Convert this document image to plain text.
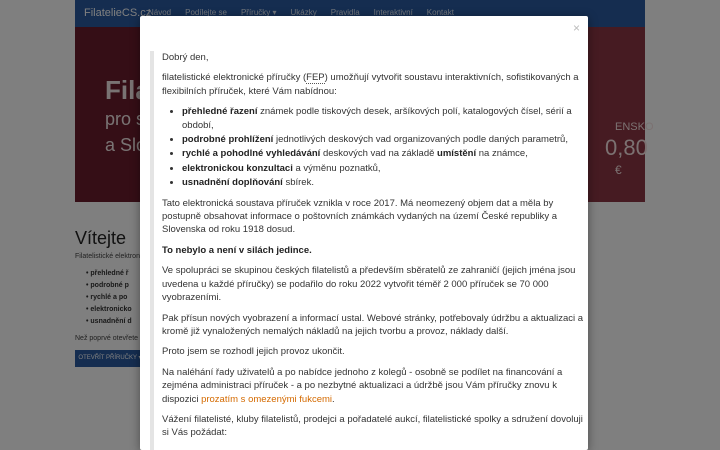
•
•
•
•
•
×

Dobrý den,

filatelistické elektronické příručky (FEP) umožňují vytvořit soustavu interaktivních, sofistikovaných a flexibilních příruček, které Vám nabídnou:

• přehledné řazení známek podle tiskových desek, aršíkových polí, katalogových čísel, sérií a období,
• podrobné prohlížení jednotlivých deskových vad organizovaných podle daných parametrů,
• rychlé a pohodlné vyhledávání deskových vad na základě umístění na známce,
• elektronickou konzultaci a výměnu poznatků,
• usnadnění doplňování sbírek.

Tato elektronická soustava příruček vznikla v roce 2017. Má neomezený objem dat a měla by postupně obsahovat informace o poštovních známkách vydaných na území České republiky a Slovenska od roku 1918 dosud.

To nebylo a není v silách jedince.

Ve spolupráci se skupinou českých filatelistů a především sběratelů ze zahraničí (jejich jména jsou uvedena u každé příručky) se podařilo do roku 2022 vytvořit téměř 2 000 příruček se 70 000 vyobrazeními.

Pak přísun nových vyobrazení a informací ustal. Webové stránky, potřebovaly údržbu a aktualizaci a kromě již vynaložených nemalých nákladů na jejich tvorbu a provoz, náklady další.

Proto jsem se rozhodl jejich provoz ukončit.

Na naléhání řady uživatelů a po nabídce jednoho z kolegů - osobně se podílet na financování a zejména administraci příruček - a po nezbytné aktualizaci a údržbě jsou Vám příručky znovu k dispozici prozatím s omezenými fukcemi.

Vážení filatelisté, kluby filatelistů, prodejci a pořadatelé aukcí, filatelistické spolky a sdružení dovoluji si Vás požádat:
